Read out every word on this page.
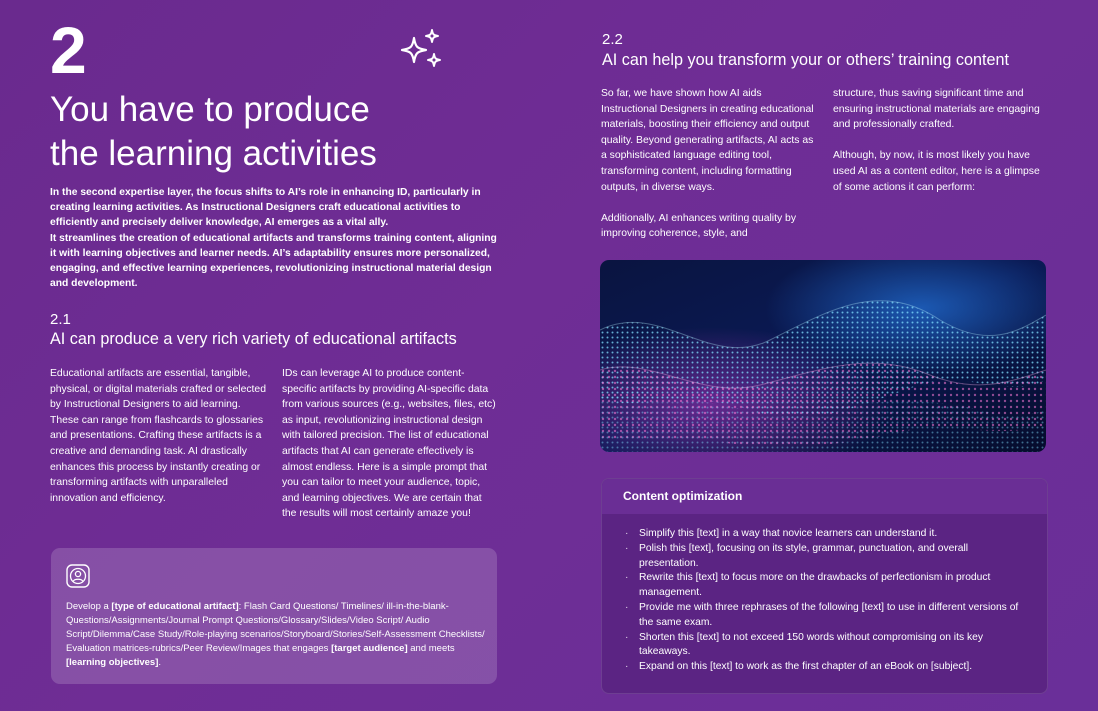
2
You have to produce
the learning activities

In the second expertise layer, the focus shifts to AI’s role in enhancing ID, particularly in creating learning activities. As Instructional Designers craft educational activities to efficiently and precisely deliver knowledge, AI emerges as a vital ally.

It streamlines the creation of educational artifacts and transforms training content, aligning it with learning objectives and learner needs. AI’s adaptability ensures more personalized, engaging, and effective learning experiences, revolutionizing instructional material design and development.

2.1
AI can produce a very rich variety of educational artifacts

Educational artifacts are essential, tangible, physical, or digital materials crafted or selected by Instructional Designers to aid learning. These can range from flashcards to glossaries and presentations. Crafting these artifacts is a creative and demanding task. AI drastically enhances this process by instantly creating or transforming artifacts with unparalleled innovation and efficiency.

IDs can leverage AI to produce content-specific artifacts by providing AI-specific data from various sources (e.g., websites, files, etc) as input, revolutionizing instructional design with tailored precision. The list of educational artifacts that AI can generate effectively is almost endless. Here is a simple prompt that you can tailor to meet your audience, topic, and learning objectives. We are certain that the results will most certainly amaze you!

Develop a [type of educational artifact]: Flash Card Questions/ Timelines/ ill-in-the-blank-Questions/Assignments/Journal Prompt Questions/Glossary/Slides/Video Script/ Audio Script/Dilemma/Case Study/Role-playing scenarios/Storyboard/Stories/Self-Assessment Checklists/ Evaluation matrices-rubrics/Peer Review/Images that engages [target audience] and meets [learning objectives].
2.2
AI can help you transform your or others’ training content

So far, we have shown how AI aids Instructional Designers in creating educational materials, boosting their efficiency and output quality. Beyond generating artifacts, AI acts as a sophisticated language editing tool, transforming content, including formatting outputs, in diverse ways.

Additionally, AI enhances writing quality by improving coherence, style, and

structure, thus saving significant time and ensuring instructional materials are engaging and professionally crafted.

Although, by now, it is most likely you have used AI as a content editor, here is a glimpse of some actions it can perform:

Content optimization
· Simplify this [text] in a way that novice learners can understand it.
· Polish this [text], focusing on its style, grammar, punctuation, and overall presentation.
· Rewrite this [text] to focus more on the drawbacks of perfectionism in product management.
· Provide me with three rephrases of the following [text] to use in different versions of the same exam.
· Shorten this [text] to not exceed 150 words without compromising on its key takeaways.
· Expand on this [text] to work as the first chapter of an eBook on [subject].
